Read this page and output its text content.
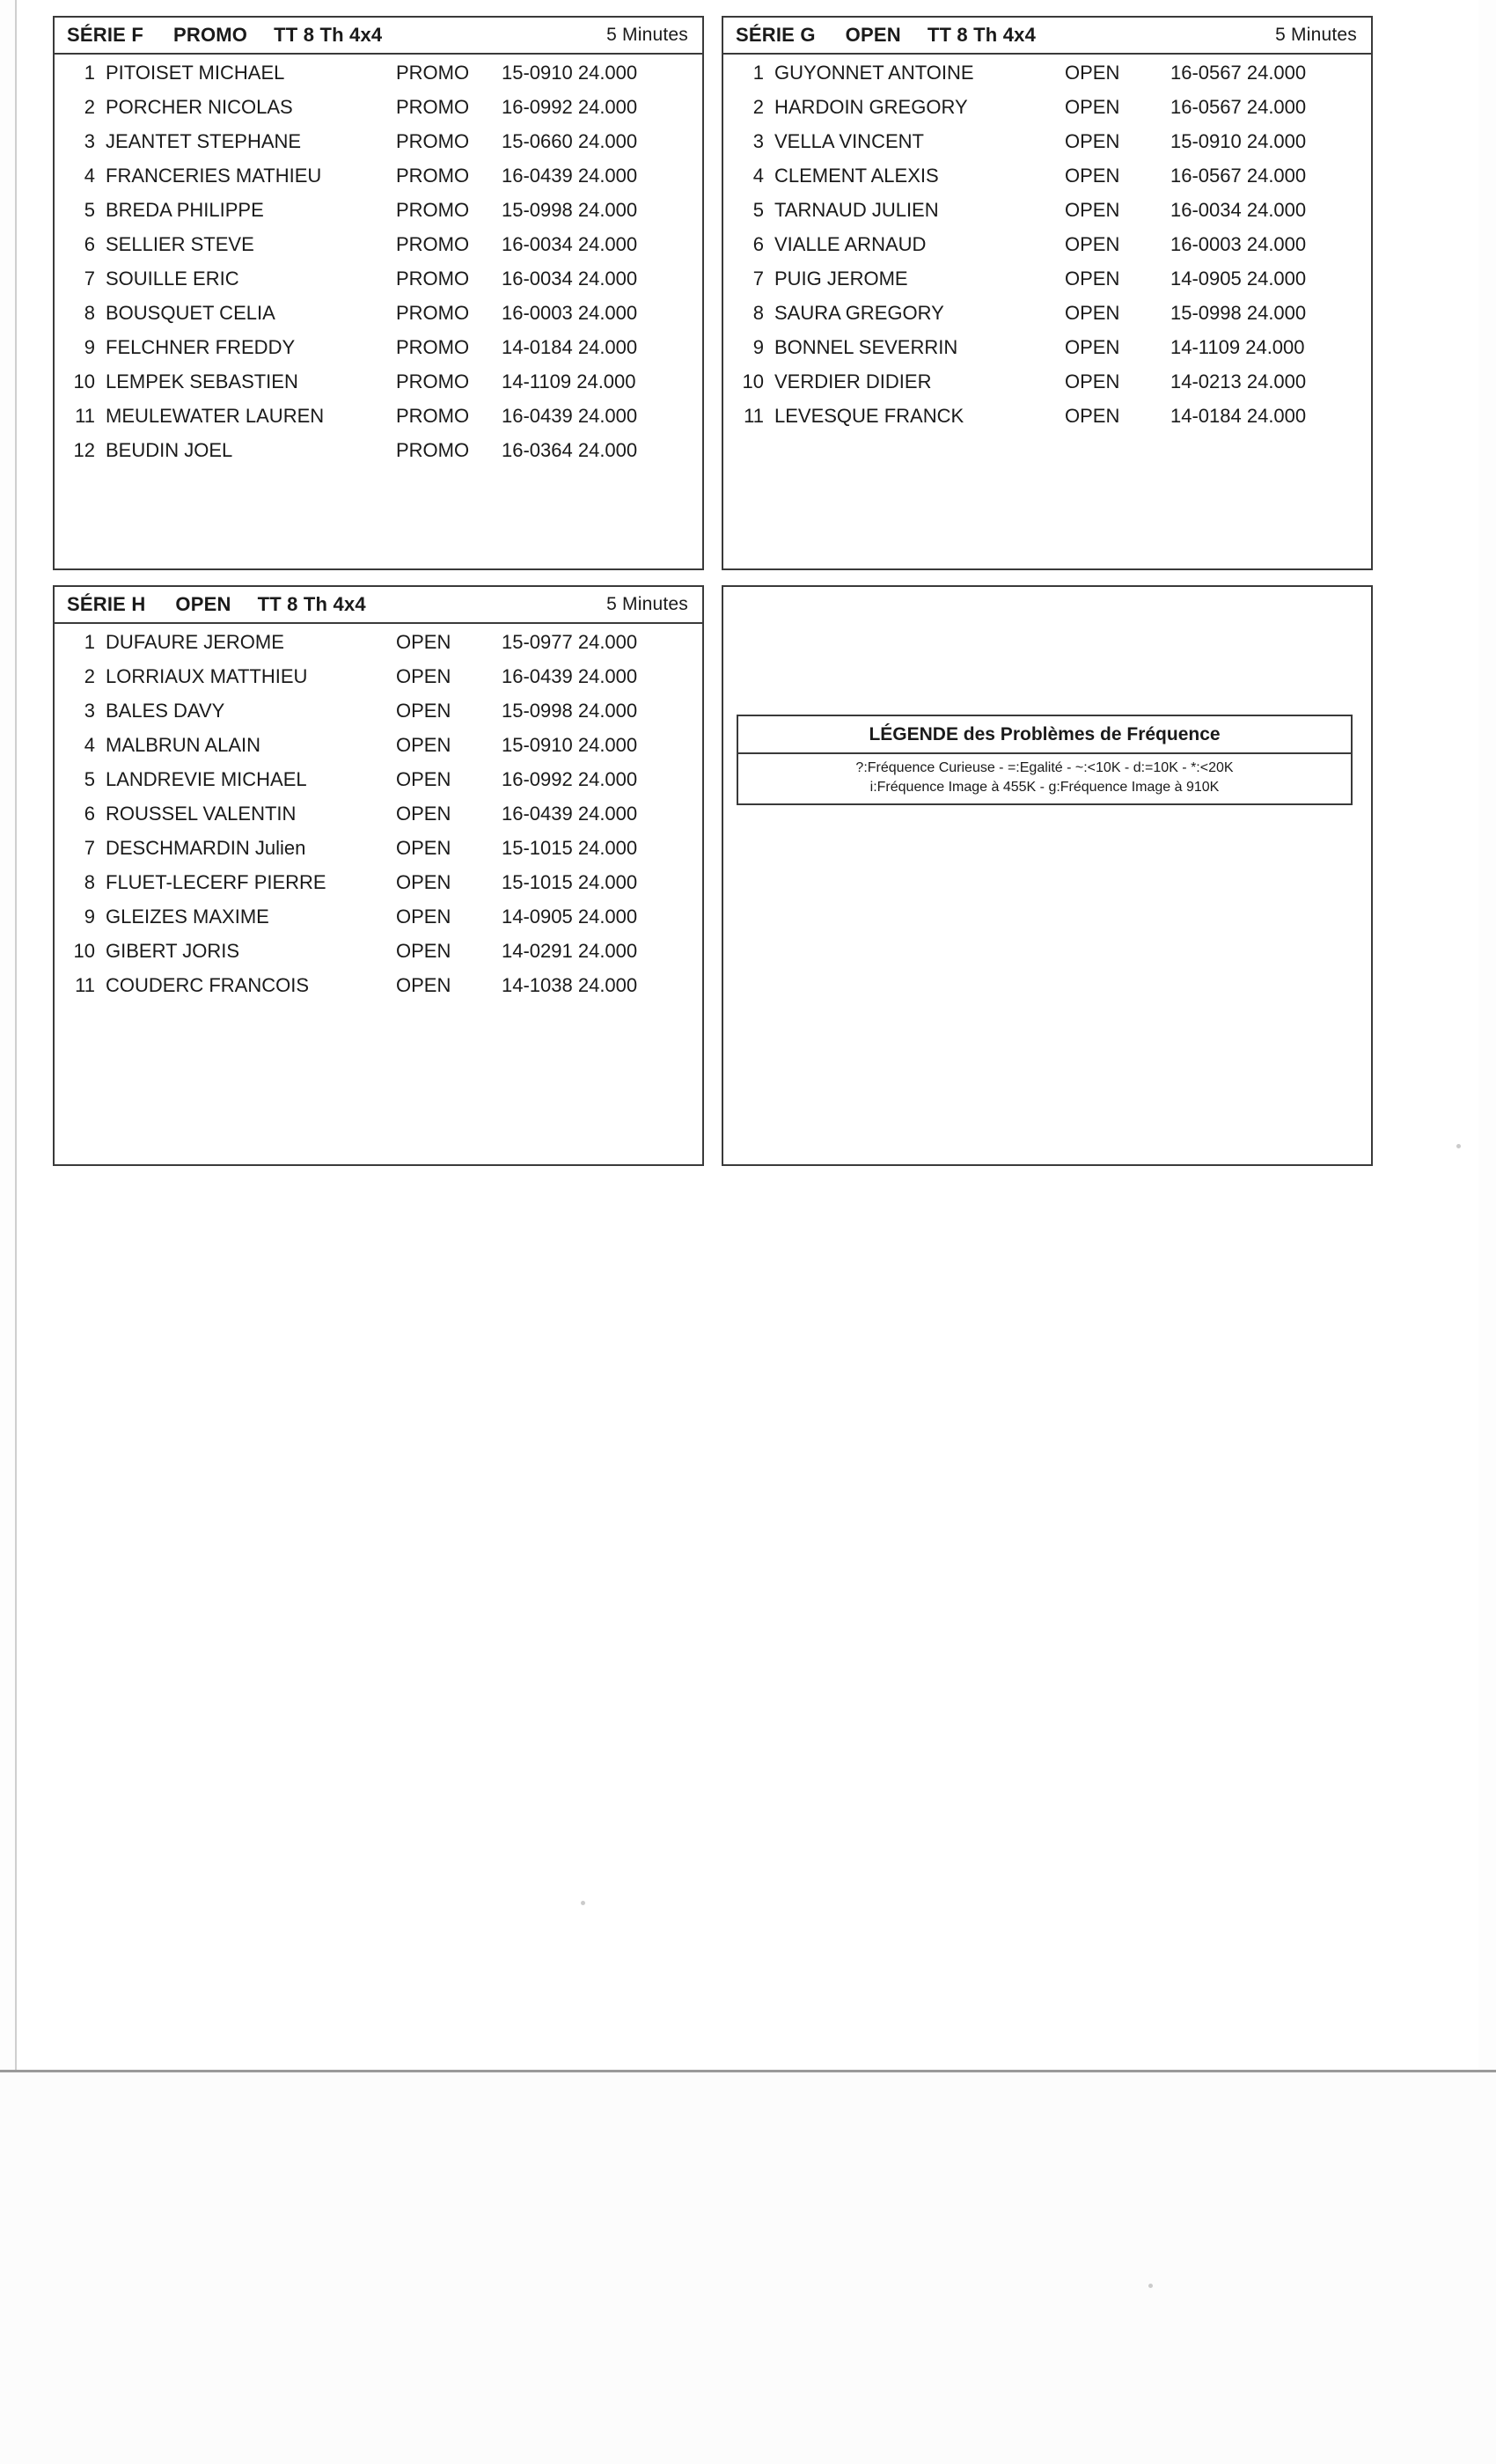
SÉRIE F PROMO TT 8 Th 4x4	5 Minutes
1 PITOISET MICHAEL	PROMO	15-0910 24.000
2 PORCHER NICOLAS	PROMO	16-0992 24.000
3 JEANTET STEPHANE	PROMO	15-0660 24.000
4 FRANCERIES MATHIEU	PROMO	16-0439 24.000
5 BREDA PHILIPPE	PROMO	15-0998 24.000
6 SELLIER STEVE	PROMO	16-0034 24.000
7 SOUILLE ERIC	PROMO	16-0034 24.000
8 BOUSQUET CELIA	PROMO	16-0003 24.000
9 FELCHNER FREDDY	PROMO	14-0184 24.000
10 LEMPEK SEBASTIEN	PROMO	14-1109 24.000
11 MEULEWATER LAUREN	PROMO	16-0439 24.000
12 BEUDIN JOEL	PROMO	16-0364 24.000
SÉRIE G OPEN TT 8 Th 4x4	5 Minutes
1 GUYONNET ANTOINE	OPEN	16-0567 24.000
2 HARDOIN GREGORY	OPEN	16-0567 24.000
3 VELLA VINCENT	OPEN	15-0910 24.000
4 CLEMENT ALEXIS	OPEN	16-0567 24.000
5 TARNAUD JULIEN	OPEN	16-0034 24.000
6 VIALLE ARNAUD	OPEN	16-0003 24.000
7 PUIG JEROME	OPEN	14-0905 24.000
8 SAURA GREGORY	OPEN	15-0998 24.000
9 BONNEL SEVERRIN	OPEN	14-1109 24.000
10 VERDIER DIDIER	OPEN	14-0213 24.000
11 LEVESQUE FRANCK	OPEN	14-0184 24.000
SÉRIE H OPEN TT 8 Th 4x4	5 Minutes
1 DUFAURE JEROME	OPEN	15-0977 24.000
2 LORRIAUX MATTHIEU	OPEN	16-0439 24.000
3 BALES DAVY	OPEN	15-0998 24.000
4 MALBRUN ALAIN	OPEN	15-0910 24.000
5 LANDREVIE MICHAEL	OPEN	16-0992 24.000
6 ROUSSEL VALENTIN	OPEN	16-0439 24.000
7 DESCHMARDIN Julien	OPEN	15-1015 24.000
8 FLUET-LECERF PIERRE	OPEN	15-1015 24.000
9 GLEIZES MAXIME	OPEN	14-0905 24.000
10 GIBERT JORIS	OPEN	14-0291 24.000
11 COUDERC FRANCOIS	OPEN	14-1038 24.000
LÉGENDE des Problèmes de Fréquence
?:Fréquence Curieuse - =:Egalité - ~:<10K - d:=10K - *:<20K
i:Fréquence Image à 455K - g:Fréquence Image à 910K
